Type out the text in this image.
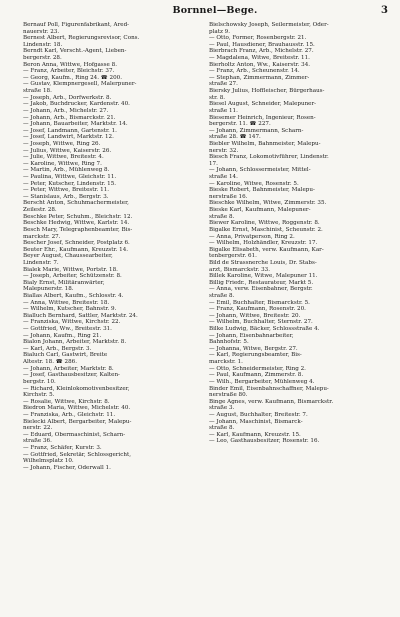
Bornnel—Bege.	3
Bernauf Poll, Figurenfabrikant, Ared-
nauerstr. 23.
Bernest Albert, Regierungsrevisor, Cons.
Lindenstr. 18.
Berndt Karl, Verscht.-Agent, Lieben-
bergerstr. 28.
Beron Anna, Wittwe, Hofgasse 8.
— Franz, Arbeiter, Bleichstr. 37.
— Georg, Kaufm., Ring 24. ☎ 200.
— Gustav, Klempnergesell, Malerpuner-
straße 18.
— Joseph, Arb., Dorfwerkstr. 8.
— Jakob, Buchdrucker, Kardenstr. 40.
— Johann, Arb., Michelstr. 27.
— Johann, Arb., Bismarckstr. 21.
— Johann, Bauarbeiter, Marktstr. 14.
— Josef, Landmann, Gartenstr. 1.
— Josef, Landwirt, Marktstr. 12.
— Joseph, Wittwe, Ring 26.
— Julius, Wittwe, Kaiserstr. 26.
— Julie, Wittwe, Breitestr. 4.
— Karoline, Wittwe, Ring 7.
— Martin, Arb., Mühlenweg 8.
— Paulina, Wittwe, Gleichstr. 11.
— Peter, Kutscher, Lindenstr. 15.
— Peter, Wittwe, Breitestr. 11.
— Stanislaus, Arb., Bergstr. 3.
Berscht Anton, Schuhmachermeister,
Zeilestr. 28.
Beschke Peter, Schuhm., Bleichstr. 12.
Beschke Hedwig, Wittwe, Karlstr. 14.
Besch Mary, Telegraphenbeamter, Bis-
marckstr. 27.
Bescher Josef, Schneider, Postplatz 6.
Beuter Ehr., Kaufmann, Kreuzstr. 14.
Beyer August, Chaussearbeiter,
Lindenstr. 7.
Bialek Marie, Wittwe, Portstr. 18.
— Joseph, Arbeiter, Schützenstr. 8.
Bialy Ernst, Militäranwärter,
Malepunerstr. 18.
Biallas Albert, Kaufm., Schlosstr. 4.
— Anna, Wittwe, Breitestr. 18.
— Wilhelm, Kutscher, Bahnstr. 9.
Bialluch Bernhard, Sattler, Marktstr. 24.
— Franziska, Wittwe, Kirchstr. 22.
— Gottfried, Ww., Breitestr. 31.
— Johann, Kaufm., Ring 21.
Bialon Johann, Arbeiter, Marktstr. 8.
— Karl, Arb., Bergstr. 3.
Bialuch Carl, Gastwirt, Breite
Altestr. 18. ☎ 286.
— Johann, Arbeiter, Marktstr. 8.
— Josef, Gasthausbesitzer, Kalten-
bergstr. 10.
— Richard, Kleinlokomotivenbesitzer,
Kirchstr. 5.
— Rosalie, Wittwe, Kirchstr. 8.
Biedron Maria, Wittwe, Michelstr. 40.
— Franziska, Arb., Gleichstr. 11.
Bielecki Albert, Bergarbeiter, Malepu-
nerstr. 22.
— Eduard, Obermaschinist, Scharn-
straße 36.
— Franz, Schäfer, Kurstr. 3.
— Gottfried, Sekretär, Schlossgericht,
Wilhelmsplatz 10.
— Johann, Fischer, Oderwall 1.
Bielschowsky Joseph, Seilermeister, Oder-
platz 9.
— Otto, Former, Rosenbergstr. 21.
— Paul, Hausdiener, Brauhausstr. 15.
Bierbrach Franz, Arb., Michelstr. 27.
— Magdalena, Witwe, Breitestr. 11.
Bierholtz Anton, Ww., Kaiserstr. 34.
— Franz, Arb., Scheunenstr. 14.
— Stephan, Zimmermann, Zimmer-
straße 27.
Biersky Julius, Hoffleischer, Bürgerhaus-
str. 8.
Biesel August, Schneider, Malepuner-
straße 11.
Biesemer Heinrich, Ingenieur, Rosen-
bergerstr. 11. ☎ 227.
— Johann, Zimmermann, Scharn-
straße 28. ☎ 147.
Biebler Wilhelm, Bahnmeister, Malepu-
nerstr. 32.
Biesch Franz, Lokomotivführer, Lindenstr.
17.
— Johann, Schlossermeister, Mittel-
straße 14.
— Karoline, Witwe, Rosenstr. 5.
Bieske Robert, Bahnmeister, Malepu-
nerstraße 16.
Bieschke Wilhelm, Witwe, Zimmerstr. 35.
Bieske Karl, Kaufmann, Malepuner-
straße 8.
Biewer Karoline, Wittwe, Roggenstr. 8.
Bigalke Ernst, Maschinist, Scheunstr. 2.
— Anna, Privatperson, Ring 2.
— Wilhelm, Holzhändler, Kreuzstr. 17.
Bigalke Elisabeth, verw. Kaufmann, Kar-
tenbergerstr. 61.
Bild de Strassnerche Louis, Dr. Stabs-
arzt, Bismarckstr. 33.
Billek Karoline, Witwe, Malepuner 11.
Billig Friedr., Restaurateur, Markt 5.
— Anna, verw. Eisenbahner, Bergstr.
straße 8.
— Emil, Buchhalter, Bismarckstr. 5.
— Franz, Kaufmann, Rosenstr. 20.
— Johann, Wittwe, Breitestr. 20.
— Wilhelm, Buchhalter, Sternstr. 27.
Bilke Ludwig, Bäcker, Schlossstraße 4.
— Johann, Eisenbahnarbeiter,
Bahnhofstr. 5.
— Johanna, Witwe, Bergstr. 27.
— Karl, Regierungsbeamter, Bis-
marckstr. 1.
— Otto, Schneidermeister, Ring 2.
— Paul, Kaufmann, Zimmerstr. 8.
— Wilh., Bergarbeiter, Mühlenweg 4.
Binder Emil, Eisenbahnschaffner, Malepu-
nerstraße 80.
Binge Agnes, verw. Kaufmann, Bismarckstr.
straße 3.
— August, Buchhalter, Breitestr. 7.
— Johann, Maschinist, Bismarck-
straße 8.
— Karl, Kaufmann, Kreuzstr. 15.
— Leo, Gasthausbesitzer, Rosenstr. 16.
